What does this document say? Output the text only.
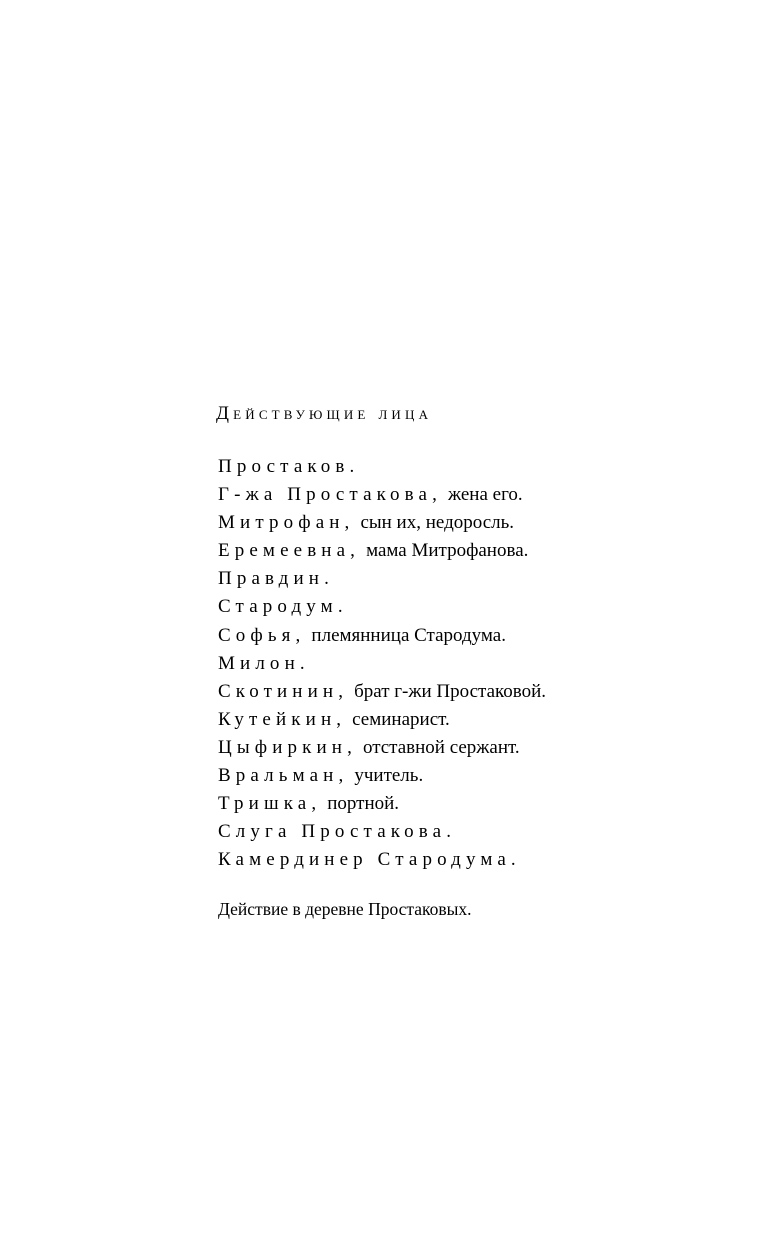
Действующие лица
Простаков.
Г-жа Простакова, жена его.
Митрофан, сын их, недоросль.
Еремеевна, мама Митрофанова.
Правдин.
Стародум.
Софья, племянница Стародума.
Милон.
Скотинин, брат г-жи Простаковой.
Кутейкин, семинарист.
Цыфиркин, отставной сержант.
Вральман, учитель.
Тришка, портной.
Слуга Простакова.
Камердинер Стародума.

Действие в деревне Простаковых.
